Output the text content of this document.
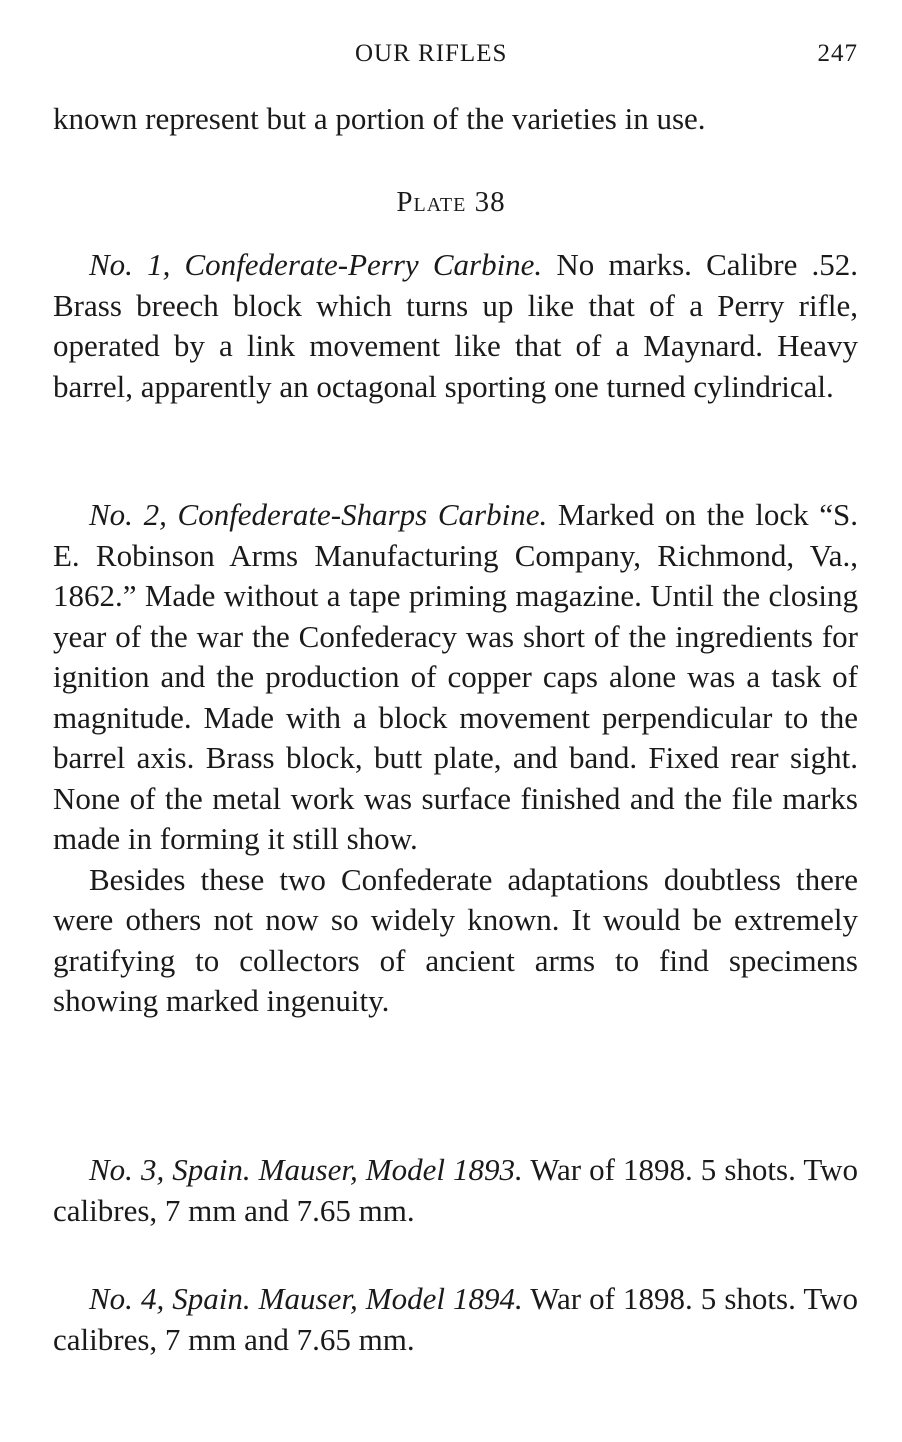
OUR RIFLES	247

known represent but a portion of the varieties in use.

Plate 38

No. 1, Confederate-Perry Carbine. No marks. Calibre .52. Brass breech block which turns up like that of a Perry rifle, operated by a link movement like that of a Maynard. Heavy barrel, apparently an octagonal sporting one turned cylindrical.

No. 2, Confederate-Sharps Carbine. Marked on the lock “S. E. Robinson Arms Manufacturing Company, Richmond, Va., 1862.” Made without a tape priming magazine. Until the closing year of the war the Confederacy was short of the ingredients for ignition and the production of copper caps alone was a task of magnitude. Made with a block movement perpendicular to the barrel axis. Brass block, butt plate, and band. Fixed rear sight. None of the metal work was surface finished and the file marks made in forming it still show.

Besides these two Confederate adaptations doubtless there were others not now so widely known. It would be extremely gratifying to collectors of ancient arms to find specimens showing marked ingenuity.

No. 3, Spain. Mauser, Model 1893. War of 1898. 5 shots. Two calibres, 7 mm and 7.65 mm.

No. 4, Spain. Mauser, Model 1894. War of 1898. 5 shots. Two calibres, 7 mm and 7.65 mm.
